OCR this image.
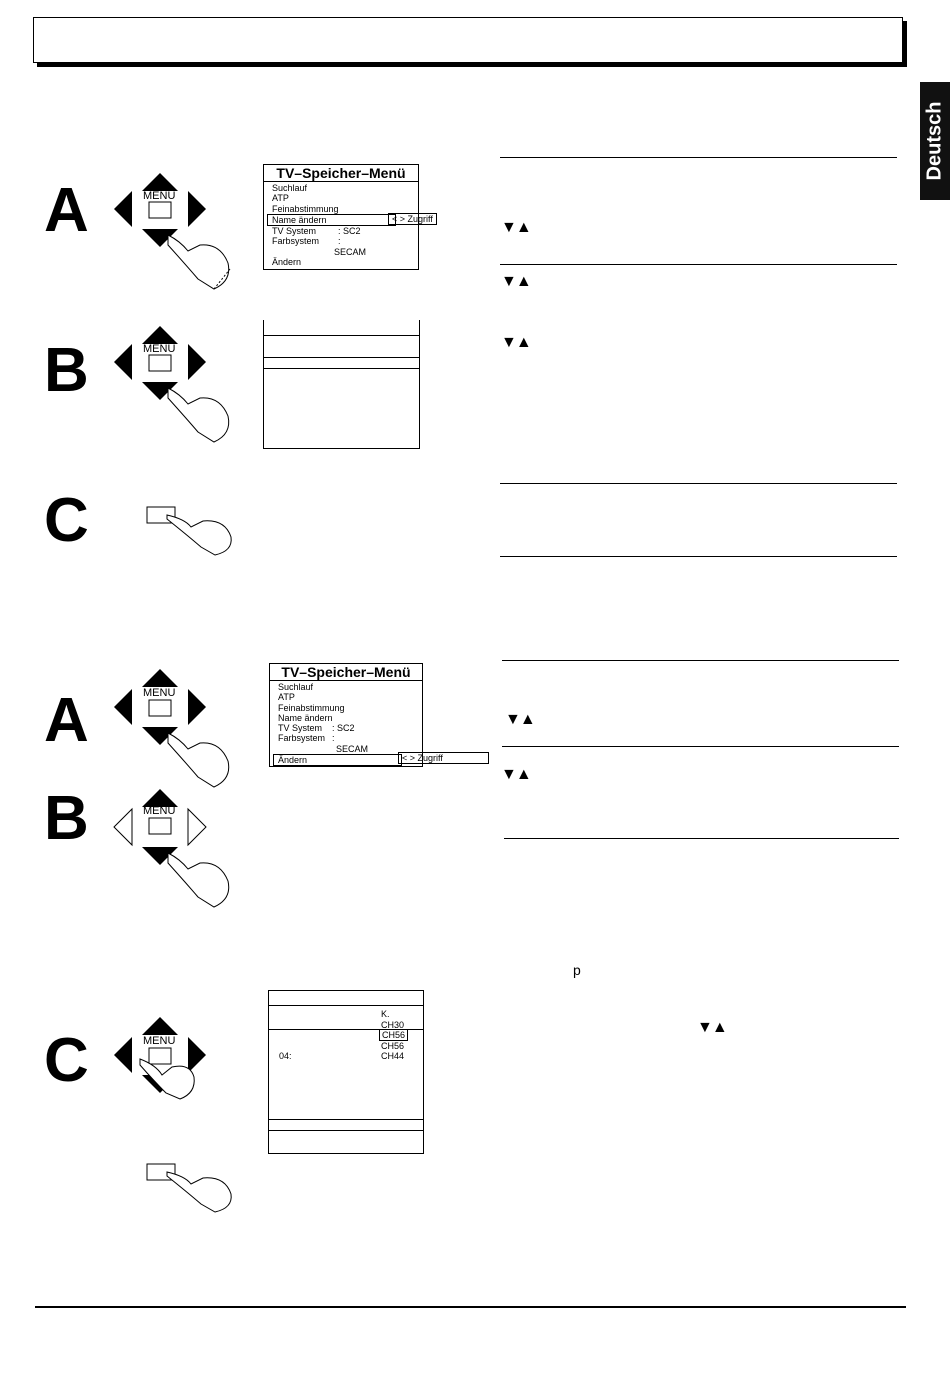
Deutsch
A
B
C
A
B
C
MENU
MENU
MENU
MENU
MENU
TV–Speicher–Menü
Suchlauf
ATP
Feinabstimmung
Name ändern
TV System : SC2
Farbsystem :
SECAM
Ändern
< > Zugriff
TV–Speicher–Menü
Suchlauf
ATP
Feinabstimmung
Name ändern
TV System : SC2
Farbsystem :
SECAM
Ändern	< > Zugriff
K.
CH30
CH56
CH56
CH44
04:
▼▲
▼▲
▼▲
▼▲
▼▲
▼▲
p
